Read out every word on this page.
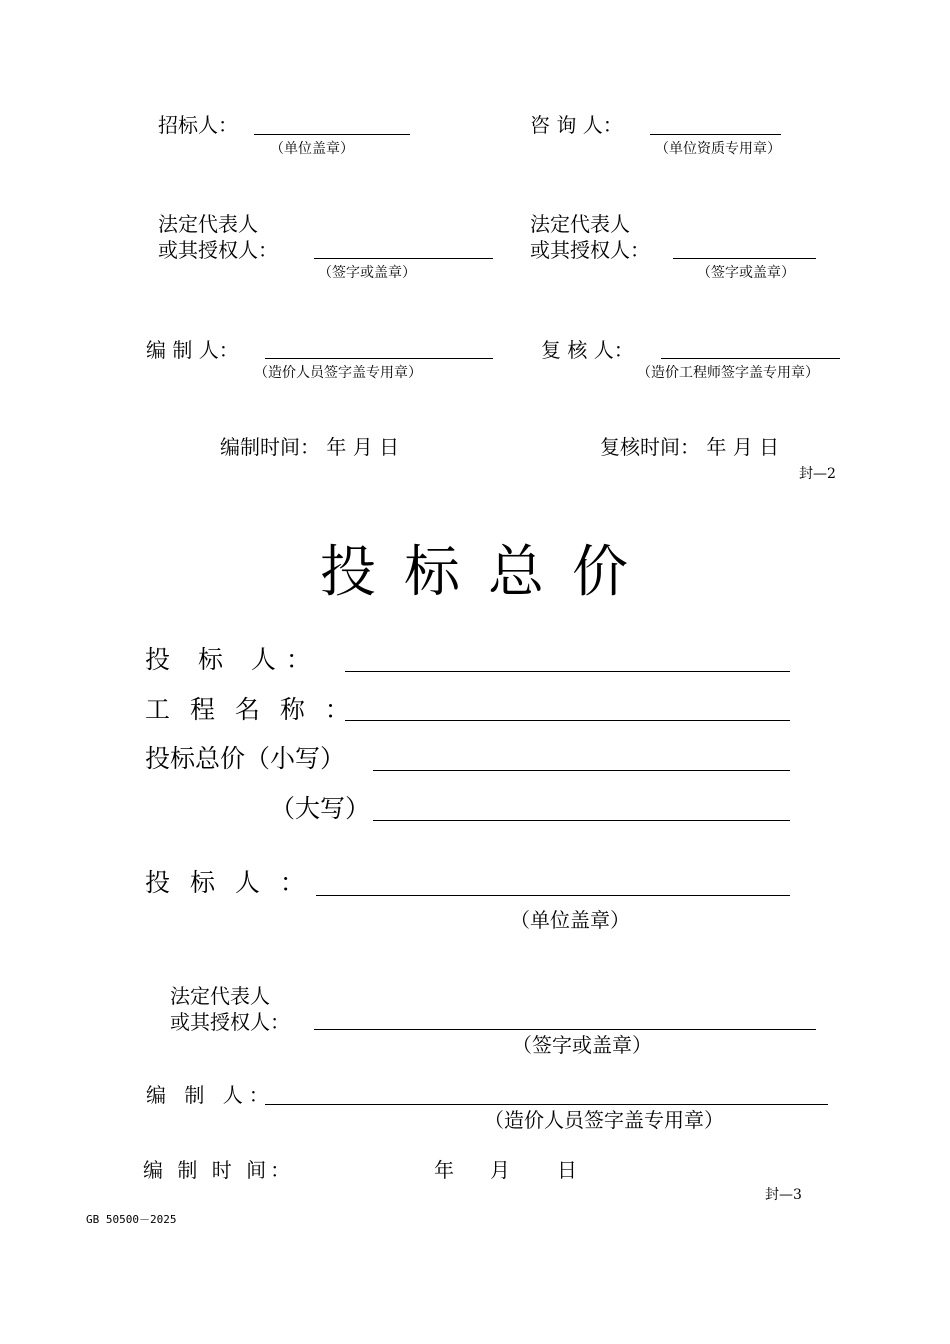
招标人：
（单位盖章）
咨 询 人：
（单位资质专用章）
法定代表人
或其授权人：
（签字或盖章）
法定代表人
或其授权人：
（签字或盖章）
编 制 人：
（造价人员签字盖专用章）
复 核 人：
（造价工程师签字盖专用章）
编制时间： 年 月 日	复核时间： 年 月 日
封—2
投标总价
投 标 人：
工 程 名 称 ：
投标总价（小写）
（大写）
投 标 人 ：
（单位盖章）
法定代表人
或其授权人：
（签字或盖章）
编 制 人：
（造价人员签字盖专用章）
编 制 时 间：	年 月 日
封—3
GB 50500－2025
